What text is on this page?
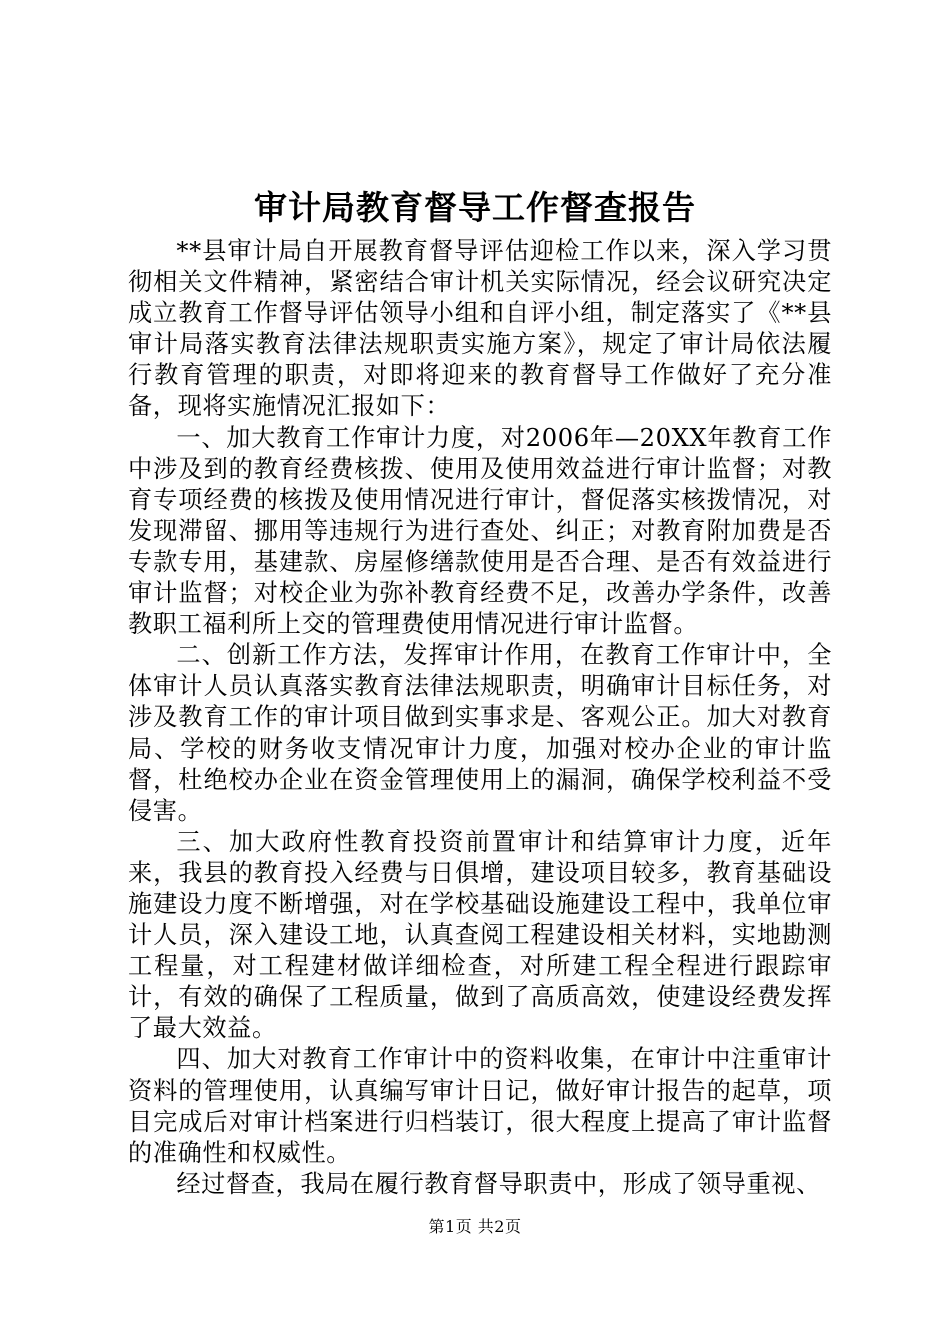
审计局教育督导工作督查报告

**县审计局自开展教育督导评估迎检工作以来，深入学习贯彻相关文件精神，紧密结合审计机关实际情况，经会议研究决定成立教育工作督导评估领导小组和自评小组，制定落实了《**县审计局落实教育法律法规职责实施方案》，规定了审计局依法履行教育管理的职责，对即将迎来的教育督导工作做好了充分准备，现将实施情况汇报如下：

一、加大教育工作审计力度，对2006年—20XX年教育工作中涉及到的教育经费核拨、使用及使用效益进行审计监督；对教育专项经费的核拨及使用情况进行审计，督促落实核拨情况，对发现滞留、挪用等违规行为进行查处、纠正；对教育附加费是否专款专用，基建款、房屋修缮款使用是否合理、是否有效益进行审计监督；对校企业为弥补教育经费不足，改善办学条件，改善教职工福利所上交的管理费使用情况进行审计监督。

二、创新工作方法，发挥审计作用，在教育工作审计中，全体审计人员认真落实教育法律法规职责，明确审计目标任务，对涉及教育工作的审计项目做到实事求是、客观公正。加大对教育局、学校的财务收支情况审计力度，加强对校办企业的审计监督，杜绝校办企业在资金管理使用上的漏洞，确保学校利益不受侵害。

三、加大政府性教育投资前置审计和结算审计力度，近年来，我县的教育投入经费与日俱增，建设项目较多，教育基础设施建设力度不断增强，对在学校基础设施建设工程中，我单位审计人员，深入建设工地，认真查阅工程建设相关材料，实地勘测工程量，对工程建材做详细检查，对所建工程全程进行跟踪审计，有效的确保了工程质量，做到了高质高效，使建设经费发挥了最大效益。

四、加大对教育工作审计中的资料收集，在审计中注重审计资料的管理使用，认真编写审计日记，做好审计报告的起草，项目完成后对审计档案进行归档装订，很大程度上提高了审计监督的准确性和权威性。

经过督查，我局在履行教育督导职责中，形成了领导重视、

第1页 共2页
